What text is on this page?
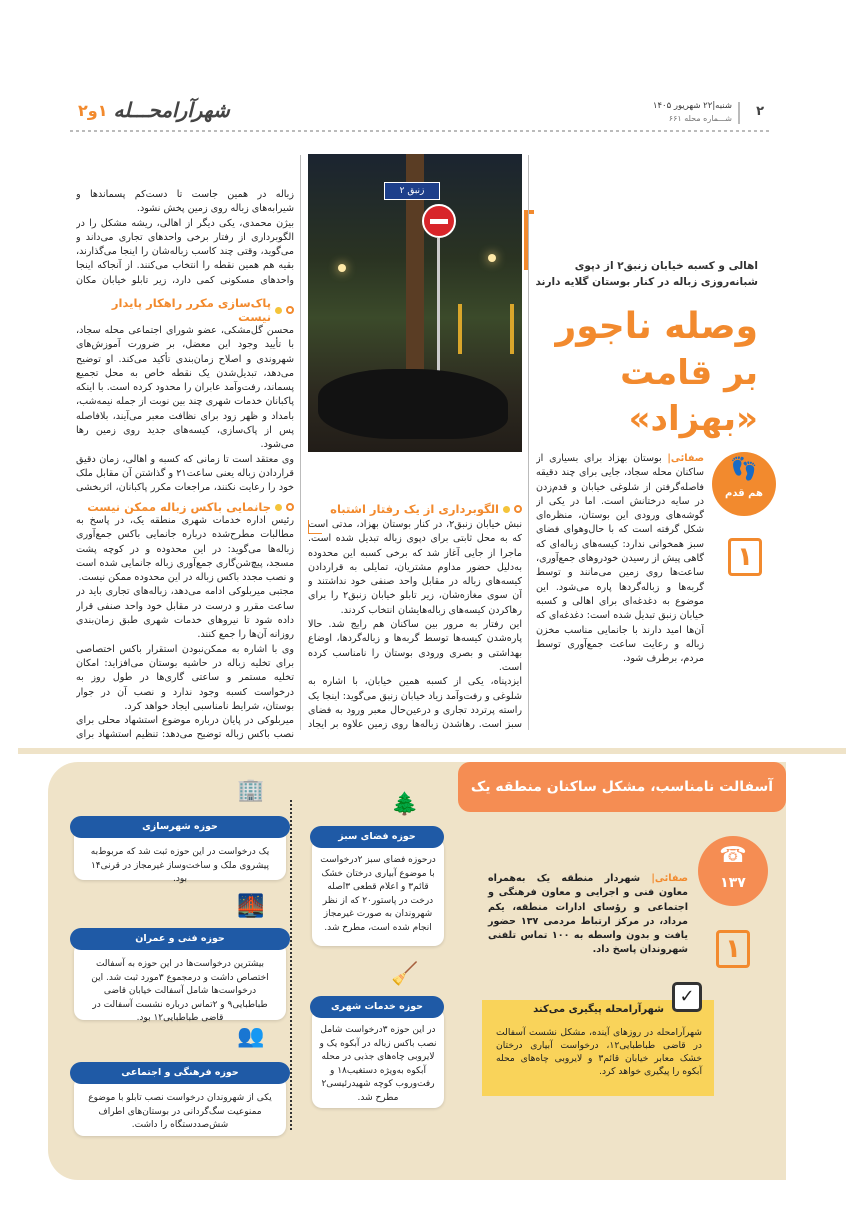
۲
شنبه|۲۲ شهریور ۱۴۰۵
شـــماره محله ۶۶۱
شهرآرامحـــله
۱و۲
اهالی و کسبه خیابان زنبق۲ از دپوی شبانه‌روزی زباله در کنار بوستان گلایه دارند
وصله ناجور
بر قامت «بهزاد»
👣
هم قدم
۱
صفائی| بوستان بهزاد برای بسیاری از ساکنان محله سجاد، جایی برای چند دقیقه فاصله‌گرفتن از شلوغی خیابان و قدم‌زدن در سایه درختانش است. اما در یکی از گوشه‌های ورودی این بوستان، منظره‌ای شکل گرفته است که با حال‌وهوای فضای سبز همخوانی ندارد: کیسه‌های زباله‌ای که گاهی پیش از رسیدن خودروهای جمع‌آوری، ساعت‌ها روی زمین می‌مانند و توسط گربه‌ها و زباله‌گردها پاره می‌شود. این موضوع به دغدغه‌ای برای اهالی و کسبه خیابان زنبق تبدیل شده است: دغدغه‌ای که آن‌ها امید دارند با جانمایی مناسب مخزن زباله و رعایت ساعت جمع‌آوری توسط مردم، برطرف شود.
زنبق ۲
الگوبرداری از یک رفتار اشتباه
نبش خیابان زنبق۲، در کنار بوستان بهزاد، مدتی است که به محل ثابتی برای دپوی زباله تبدیل شده است. ماجرا از جایی آغاز شد که برخی کسبه این محدوده به‌دلیل حضور مداوم مشتریان، تمایلی به قراردادن کیسه‌های زباله در مقابل واحد صنفی خود نداشتند و آن سوی مغازه‌شان، زیر تابلو خیابان زنبق۲ را برای رهاکردن کیسه‌های زباله‌هایشان انتخاب کردند.
این رفتار به مرور بین ساکنان هم رایج شد. حالا پاره‌شدن کیسه‌ها توسط گربه‌ها و زباله‌گردها، اوضاع بهداشتی و بصری ورودی بوستان را نامناسب کرده است.
ایزدپناه، یکی از کسبه همین خیابان، با اشاره به شلوغی و رفت‌وآمد زیاد خیابان زنبق می‌گوید: اینجا یک راسته پرتردد تجاری و درعین‌حال معبر ورود به فضای سبز است. رهاشدن زباله‌ها روی زمین علاوه بر ایجاد
زباله در همین جاست تا دست‌کم پسماندها و شیرابه‌های زباله روی زمین پخش نشود.
بیژن محمدی، یکی دیگر از اهالی، ریشه مشکل را در الگوبرداری از رفتار برخی واحدهای تجاری می‌داند و می‌گوید، وقتی چند کاسب زباله‌شان را اینجا می‌گذارند، بقیه هم همین نقطه را انتخاب می‌کنند. از آنجاکه اینجا واحدهای مسکونی کمی دارد، زیر تابلو خیابان مکان
پاک‌سازی مکرر راهکار پایدار نیست
محسن گل‌مشکی، عضو شورای اجتماعی محله سجاد، با تأیید وجود این معضل، بر ضرورت آموزش‌های شهروندی و اصلاح زمان‌بندی تأکید می‌کند. او توضیح می‌دهد، تبدیل‌شدن یک نقطه خاص به محل تجمیع پسماند، رفت‌وآمد عابران را محدود کرده است. با اینکه پاکبانان خدمات شهری چند بین نوبت از جمله نیمه‌شب، بامداد و ظهر زود برای نظافت معبر می‌آیند، بلافاصله پس از پاک‌سازی، کیسه‌های جدید روی زمین رها می‌شود.
وی معتقد است تا زمانی که کسبه و اهالی، زمان دقیق قراردادن زباله یعنی ساعت۲۱ و گذاشتن آن مقابل ملک خود را رعایت نکنند، مراجعات مکرر پاکبانان، اثربخشی
جانمایی باکس زباله ممکن نیست
رئیس اداره خدمات شهری منطقه یک، در پاسخ به مطالبات مطرح‌شده درباره جانمایی باکس جمع‌آوری زباله‌ها می‌گوید: در این محدوده و در کوچه پشت مسجد، پیچ‌شن‌گاری جمع‌آوری زباله جانمایی شده است و نصب مجدد باکس زباله در این محدوده ممکن نیست.
مجتبی میربلوکی ادامه می‌دهد، زباله‌های تجاری باید در ساعت مقرر و درست در مقابل خود واحد صنفی قرار داده شود تا نیروهای خدمات شهری طبق زمان‌بندی روزانه آن‌ها را جمع کنند.
وی با اشاره به ممکن‌نبودن استقرار باکس اختصاصی برای تخلیه زباله در حاشیه بوستان می‌افزاید: امکان تخلیه مستمر و ساعتی گاری‌ها در طول روز به درخواست کسبه وجود ندارد و نصب آن در جوار بوستان، شرایط نامناسبی ایجاد خواهد کرد.
میربلوکی در پایان درباره موضوع استشهاد محلی برای نصب باکس زباله توضیح می‌دهد: تنظیم استشهاد برای
آسفالت نامناسب، مشکل ساکنان منطقه یک
☎
۱۳۷
۱
صفائی| شهردار منطقه یک به‌همراه معاون فنی و اجرایی و معاون فرهنگی و اجتماعی و رؤسای ادارات منطقه، یکم مرداد، در مرکز ارتباط مردمی ۱۳۷ حضور یافت و بدون واسطه به ۱۰۰ تماس تلفنی شهروندان پاسخ داد.
✓
شهرآرامحله پیگیری می‌کند
شهرآرامحله در روزهای آینده، مشکل نشست آسفالت در قاضی طباطبایی۱۲، درخواست آبیاری درختان خشک معابر خیابان قائم۳ و لایروبی چاه‌های محله آبکوه را پیگیری خواهد کرد.
🏢
یک درخواست در این حوزه ثبت شد که مربوط‌به پیشروی ملک و ساخت‌وساز غیرمجاز در قرنی۱۴ بود.
حوزه شهرسازی
🌉
بیشترین درخواست‌ها در این حوزه به آسفالت اختصاص داشت و درمجموع ۳مورد ثبت شد. این درخواست‌ها شامل آسفالت خیابان قاضی طباطبایی۹ و ۲تماس درباره نشست آسفالت در قاضی طباطبایی۱۲ بود.
حوزه فنی و عمران
👥
یکی از شهروندان درخواست نصب تابلو با موضوع ممنوعیت سگ‌گردانی در بوستان‌های اطراف شش‌صددستگاه را داشت.
حوزه فرهنگی و اجتماعی
🌲
درحوزه فضای سبز ۲درخواست با موضوع آبیاری درختان خشک قائم۳ و اعلام قطعی ۳اصله درخت در پاستور۲۰ که از نظر شهروندان به صورت غیرمجاز انجام شده است، مطرح شد.
حوزه فضای سبز
🧹
در این حوزه ۳درخواست شامل نصب باکس زباله در آبکوه یک و لایروبی چاه‌های جذبی در محله آبکوه به‌ویژه دستغیب۱۸ و رفت‌وروب کوچه شهیدرئیسی۲ مطرح شد.
حوزه خدمات شهری
